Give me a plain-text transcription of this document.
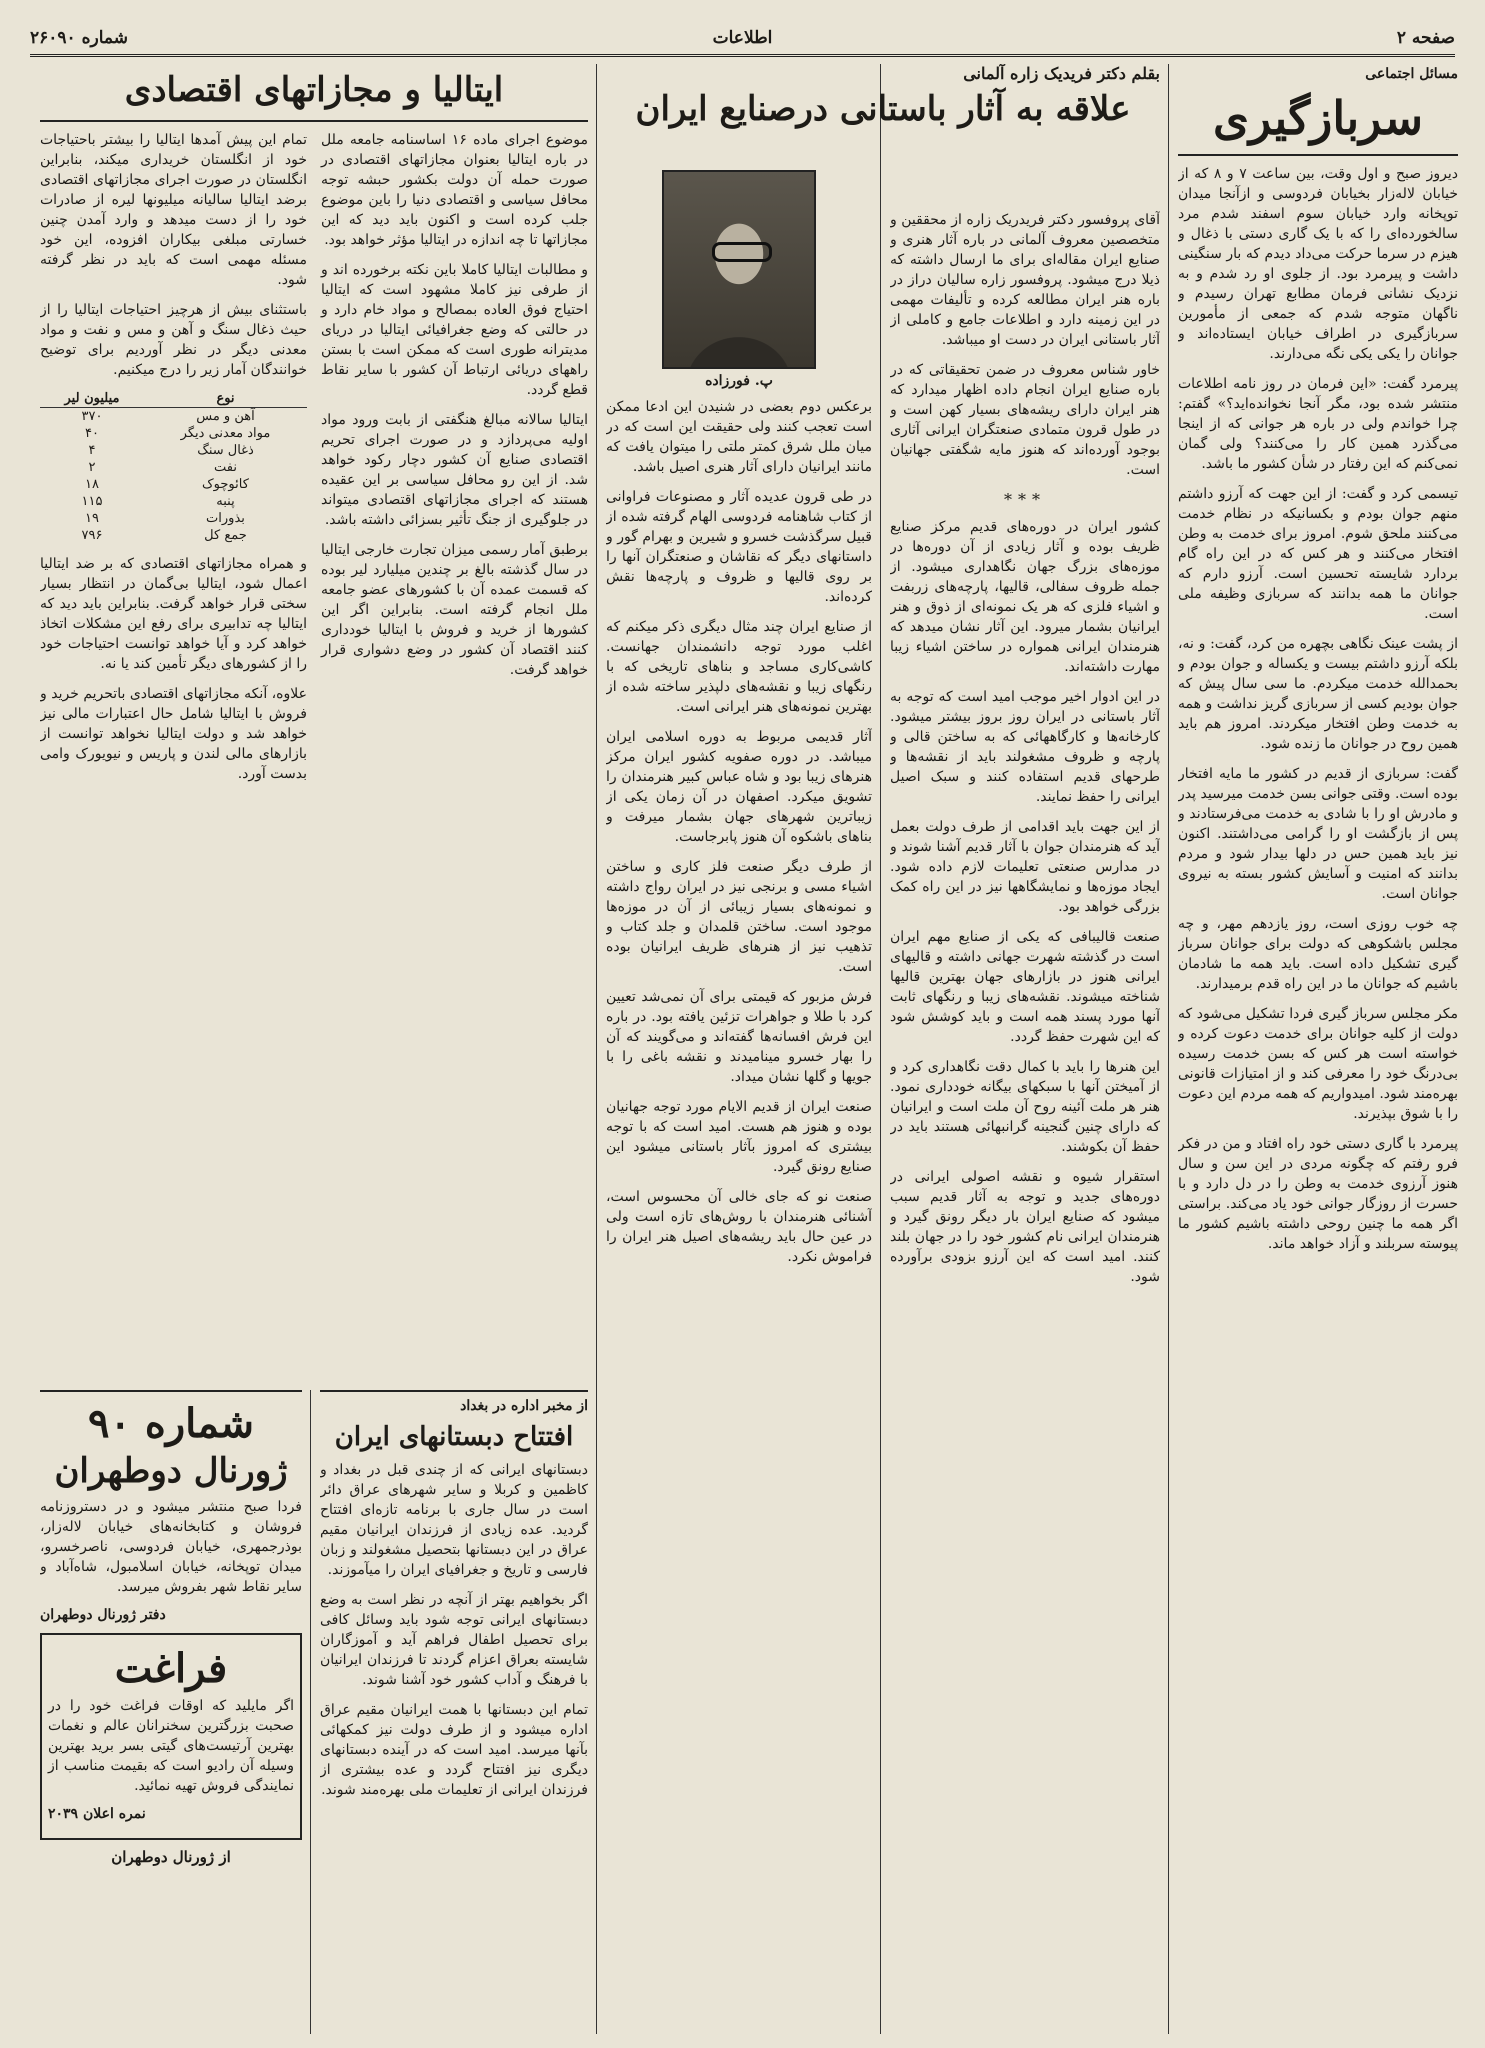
صفحه ۲
اطلاعات
شماره ۲۶۰۹۰
مسائل اجتماعی
سربازگیری

دیروز صبح و اول وقت، بین ساعت ۷ و ۸ که از خیابان لاله‌زار بخیابان فردوسی و ازآنجا میدان توپخانه وارد خیابان سوم اسفند شدم مرد سالخورده‌ای را که با یک گاری دستی با ذغال و هیزم در سرما حرکت می‌داد دیدم که بار سنگینی داشت و پیرمرد بود. از جلوی او رد شدم و به نزدیک نشانی فرمان مطابع تهران رسیدم و ناگهان متوجه شدم که جمعی از مأمورین سربازگیری در اطراف خیابان ایستاده‌اند و جوانان را یکی یکی نگه می‌دارند.

پیرمرد گفت: «این فرمان در روز نامه اطلاعات منتشر شده بود، مگر آنجا نخوانده‌اید؟» گفتم: چرا خواندم ولی در باره هر جوانی که از اینجا می‌گذرد همین کار را می‌کنند؟ ولی گمان نمی‌کنم که این رفتار در شأن کشور ما باشد.

تیسمی کرد و گفت: از این جهت که آرزو داشتم منهم جوان بودم و بکسانیکه در نظام خدمت می‌کنند ملحق شوم. امروز برای خدمت به وطن افتخار می‌کنند و هر کس که در این راه گام بردارد شایسته تحسین است. آرزو دارم که جوانان ما همه بدانند که سربازی وظیفه ملی است.

از پشت عینک نگاهی بچهره من کرد، گفت: و نه، بلکه آرزو داشتم بیست و یکساله و جوان بودم و بحمدالله خدمت میکردم. ما سی سال پیش که جوان بودیم کسی از سربازی گریز نداشت و همه به خدمت وطن افتخار میکردند. امروز هم باید همین روح در جوانان ما زنده شود.

گفت: سربازی از قدیم در کشور ما مایه افتخار بوده است. وقتی جوانی بسن خدمت میرسید پدر و مادرش او را با شادی به خدمت می‌فرستادند و پس از بازگشت او را گرامی می‌داشتند. اکنون نیز باید همین حس در دلها بیدار شود و مردم بدانند که امنیت و آسایش کشور بسته به نیروی جوانان است.

چه خوب روزی است، روز یازدهم مهر، و چه مجلس باشکوهی که دولت برای جوانان سرباز گیری تشکیل داده است. باید همه ما شادمان باشیم که جوانان ما در این راه قدم برمیدارند.

مکر مجلس سرباز گیری فردا تشکیل می‌شود که دولت از کلیه جوانان برای خدمت دعوت کرده و خواسته است هر کس که بسن خدمت رسیده بی‌درنگ خود را معرفی کند و از امتیازات قانونی بهره‌مند شود. امیدواریم که همه مردم این دعوت را با شوق بپذیرند.

پیرمرد با گاری دستی خود راه افتاد و من در فکر فرو رفتم که چگونه مردی در این سن و سال هنوز آرزوی خدمت به وطن را در دل دارد و با حسرت از روزگار جوانی خود یاد می‌کند. براستی اگر همه ما چنین روحی داشته باشیم کشور ما پیوسته سربلند و آزاد خواهد ماند.

بقلم دکتر فریدیک زاره آلمانی
علاقه به آثار باستانی درصنایع ایران

آقای پروفسور دکتر فریدریک زاره از محققین و متخصصین معروف آلمانی در باره آثار هنری و صنایع ایران مقاله‌ای برای ما ارسال داشته که ذیلا درج میشود. پروفسور زاره سالیان دراز در باره هنر ایران مطالعه کرده و تألیفات مهمی در این زمینه دارد و اطلاعات جامع و کاملی از آثار باستانی ایران در دست او میباشد.

خاور شناس معروف در ضمن تحقیقاتی که در باره صنایع ایران انجام داده اظهار میدارد که هنر ایران دارای ریشه‌های بسیار کهن است و در طول قرون متمادی صنعتگران ایرانی آثاری بوجود آورده‌اند که هنوز مایه شگفتی جهانیان است.

***

کشور ایران در دوره‌های قدیم مرکز صنایع ظریف بوده و آثار زیادی از آن دوره‌ها در موزه‌های بزرگ جهان نگاهداری میشود. از جمله ظروف سفالی، قالیها، پارچه‌های زربفت و اشیاء فلزی که هر یک نمونه‌ای از ذوق و هنر ایرانیان بشمار میرود. این آثار نشان میدهد که هنرمندان ایرانی همواره در ساختن اشیاء زیبا مهارت داشته‌اند.

در این ادوار اخیر موجب امید است که توجه به آثار باستانی در ایران روز بروز بیشتر میشود. کارخانه‌ها و کارگاههائی که به ساختن قالی و پارچه و ظروف مشغولند باید از نقشه‌ها و طرحهای قدیم استفاده کنند و سبک اصیل ایرانی را حفظ نمایند.

از این جهت باید اقدامی از طرف دولت بعمل آید که هنرمندان جوان با آثار قدیم آشنا شوند و در مدارس صنعتی تعلیمات لازم داده شود. ایجاد موزه‌ها و نمایشگاهها نیز در این راه کمک بزرگی خواهد بود.

صنعت قالیبافی که یکی از صنایع مهم ایران است در گذشته شهرت جهانی داشته و قالیهای ایرانی هنوز در بازارهای جهان بهترین قالیها شناخته میشوند. نقشه‌های زیبا و رنگهای ثابت آنها مورد پسند همه است و باید کوشش شود که این شهرت حفظ گردد.

این هنرها را باید با کمال دقت نگاهداری کرد و از آمیختن آنها با سبکهای بیگانه خودداری نمود. هنر هر ملت آئینه روح آن ملت است و ایرانیان که دارای چنین گنجینه گرانبهائی هستند باید در حفظ آن بکوشند.

استقرار شیوه و نقشه اصولی ایرانی در دوره‌های جدید و توجه به آثار قدیم سبب میشود که صنایع ایران بار دیگر رونق گیرد و هنرمندان ایرانی نام کشور خود را در جهان بلند کنند. امید است که این آرزو بزودی برآورده شود.

پ. فورزاده

برعکس دوم بعضی در شنیدن این ادعا ممکن است تعجب کنند ولی حقیقت این است که در میان ملل شرق کمتر ملتی را میتوان یافت که مانند ایرانیان دارای آثار هنری اصیل باشد.

در طی قرون عدیده آثار و مصنوعات فراوانی از کتاب شاهنامه فردوسی الهام گرفته شده از قبیل سرگذشت خسرو و شیرین و بهرام گور و داستانهای دیگر که نقاشان و صنعتگران آنها را بر روی قالیها و ظروف و پارچه‌ها نقش کرده‌اند.

از صنایع ایران چند مثال دیگری ذکر میکنم که اغلب مورد توجه دانشمندان جهانست. کاشی‌کاری مساجد و بناهای تاریخی که با رنگهای زیبا و نقشه‌های دلپذیر ساخته شده از بهترین نمونه‌های هنر ایرانی است.

آثار قدیمی مربوط به دوره اسلامی ایران میباشد. در دوره صفویه کشور ایران مرکز هنرهای زیبا بود و شاه عباس کبیر هنرمندان را تشویق میکرد. اصفهان در آن زمان یکی از زیباترین شهرهای جهان بشمار میرفت و بناهای باشکوه آن هنوز پابرجاست.

از طرف دیگر صنعت فلز کاری و ساختن اشیاء مسی و برنجی نیز در ایران رواج داشته و نمونه‌های بسیار زیبائی از آن در موزه‌ها موجود است. ساختن قلمدان و جلد کتاب و تذهیب نیز از هنرهای ظریف ایرانیان بوده است.

فرش مزبور که قیمتی برای آن نمی‌شد تعیین کرد با طلا و جواهرات تزئین یافته بود. در باره این فرش افسانه‌ها گفته‌اند و می‌گویند که آن را بهار خسرو مینامیدند و نقشه باغی را با جویها و گلها نشان میداد.

صنعت ایران از قدیم الایام مورد توجه جهانیان بوده و هنوز هم هست. امید است که با توجه بیشتری که امروز بآثار باستانی میشود این صنایع رونق گیرد.

صنعت نو که جای خالی آن محسوس است، آشنائی هنرمندان با روش‌های تازه است ولی در عین حال باید ریشه‌های اصیل هنر ایران را فراموش نکرد.

ایتالیا و مجازاتهای اقتصادی

موضوع اجرای ماده ۱۶ اساسنامه جامعه ملل در باره ایتالیا بعنوان مجازاتهای اقتصادی در صورت حمله آن دولت بکشور حبشه توجه محافل سیاسی و اقتصادی دنیا را باین موضوع جلب کرده است و اکنون باید دید که این مجازاتها تا چه اندازه در ایتالیا مؤثر خواهد بود.

و مطالبات ایتالیا کاملا باین نکته برخورده اند و از طرفی نیز کاملا مشهود است که ایتالیا احتیاج فوق العاده بمصالح و مواد خام دارد و در حالتی که وضع جغرافیائی ایتالیا در دریای مدیترانه طوری است که ممکن است با بستن راههای دریائی ارتباط آن کشور با سایر نقاط قطع گردد.

ایتالیا سالانه مبالغ هنگفتی از بابت ورود مواد اولیه می‌پردازد و در صورت اجرای تحریم اقتصادی صنایع آن کشور دچار رکود خواهد شد. از این رو محافل سیاسی بر این عقیده هستند که اجرای مجازاتهای اقتصادی میتواند در جلوگیری از جنگ تأثیر بسزائی داشته باشد.

برطبق آمار رسمی میزان تجارت خارجی ایتالیا در سال گذشته بالغ بر چندین میلیارد لیر بوده که قسمت عمده آن با کشورهای عضو جامعه ملل انجام گرفته است. بنابراین اگر این کشورها از خرید و فروش با ایتالیا خودداری کنند اقتصاد آن کشور در وضع دشواری قرار خواهد گرفت.

تمام این پیش آمدها ایتالیا را بیشتر باحتیاجات خود از انگلستان خریداری میکند، بنابراین انگلستان در صورت اجرای مجازاتهای اقتصادی برضد ایتالیا سالیانه میلیونها لیره از صادرات خود را از دست میدهد و وارد آمدن چنین خسارتی مبلغی بیکاران افزوده، این خود مسئله مهمی است که باید در نظر گرفته شود.

باستثنای بیش از هرچیز احتیاجات ایتالیا را از حیث ذغال سنگ و آهن و مس و نفت و مواد معدنی دیگر در نظر آوردیم برای توضیح خوانندگان آمار زیر را درج میکنیم.

نوع	میلیون لیر
آهن و مس	۳۷۰
مواد معدنی دیگر	۴۰
ذغال سنگ	۴
نفت	۲
کائوچوک	۱۸
پنبه	۱۱۵
بذورات	۱۹
جمع کل	۷۹۶

و همراه مجازاتهای اقتصادی که بر ضد ایتالیا اعمال شود، ایتالیا بی‌گمان در انتظار بسیار سختی قرار خواهد گرفت. بنابراین باید دید که ایتالیا چه تدابیری برای رفع این مشکلات اتخاذ خواهد کرد و آیا خواهد توانست احتیاجات خود را از کشورهای دیگر تأمین کند یا نه.

علاوه، آنکه مجازاتهای اقتصادی باتحریم خرید و فروش با ایتالیا شامل حال اعتبارات مالی نیز خواهد شد و دولت ایتالیا نخواهد توانست از بازارهای مالی لندن و پاریس و نیویورک وامی بدست آورد.

از مخبر اداره در بغداد
افتتاح دبستانهای ایران

دبستانهای ایرانی که از چندی قبل در بغداد و کاظمین و کربلا و سایر شهرهای عراق دائر است در سال جاری با برنامه تازه‌ای افتتاح گردید. عده زیادی از فرزندان ایرانیان مقیم عراق در این دبستانها بتحصیل مشغولند و زبان فارسی و تاریخ و جغرافیای ایران را میآموزند.

اگر بخواهیم بهتر از آنچه در نظر است به وضع دبستانهای ایرانی توجه شود باید وسائل کافی برای تحصیل اطفال فراهم آید و آموزگاران شایسته بعراق اعزام گردند تا فرزندان ایرانیان با فرهنگ و آداب کشور خود آشنا شوند.

تمام این دبستانها با همت ایرانیان مقیم عراق اداره میشود و از طرف دولت نیز کمکهائی بآنها میرسد. امید است که در آینده دبستانهای دیگری نیز افتتاح گردد و عده بیشتری از فرزندان ایرانی از تعلیمات ملی بهره‌مند شوند.

شماره ۹۰
ژورنال دوطهران

فردا صبح منتشر میشود و در دستروزنامه فروشان و کتابخانه‌های خیابان لاله‌زار، بوذرجمهری، خیابان فردوسی، ناصرخسرو، میدان توپخانه، خیابان اسلامبول، شاه‌آباد و سایر نقاط شهر بفروش میرسد.

دفتر ژورنال دوطهران
فراغت

اگر مایلید که اوقات فراغت خود را در صحبت بزرگترین سخنرانان عالم و نغمات بهترین آرتیست‌های گیتی بسر برید بهترین وسیله آن رادیو است که بقیمت مناسب از نمایندگی فروش تهیه نمائید.

نمره اعلان ۲۰۳۹
از ژورنال دوطهران
